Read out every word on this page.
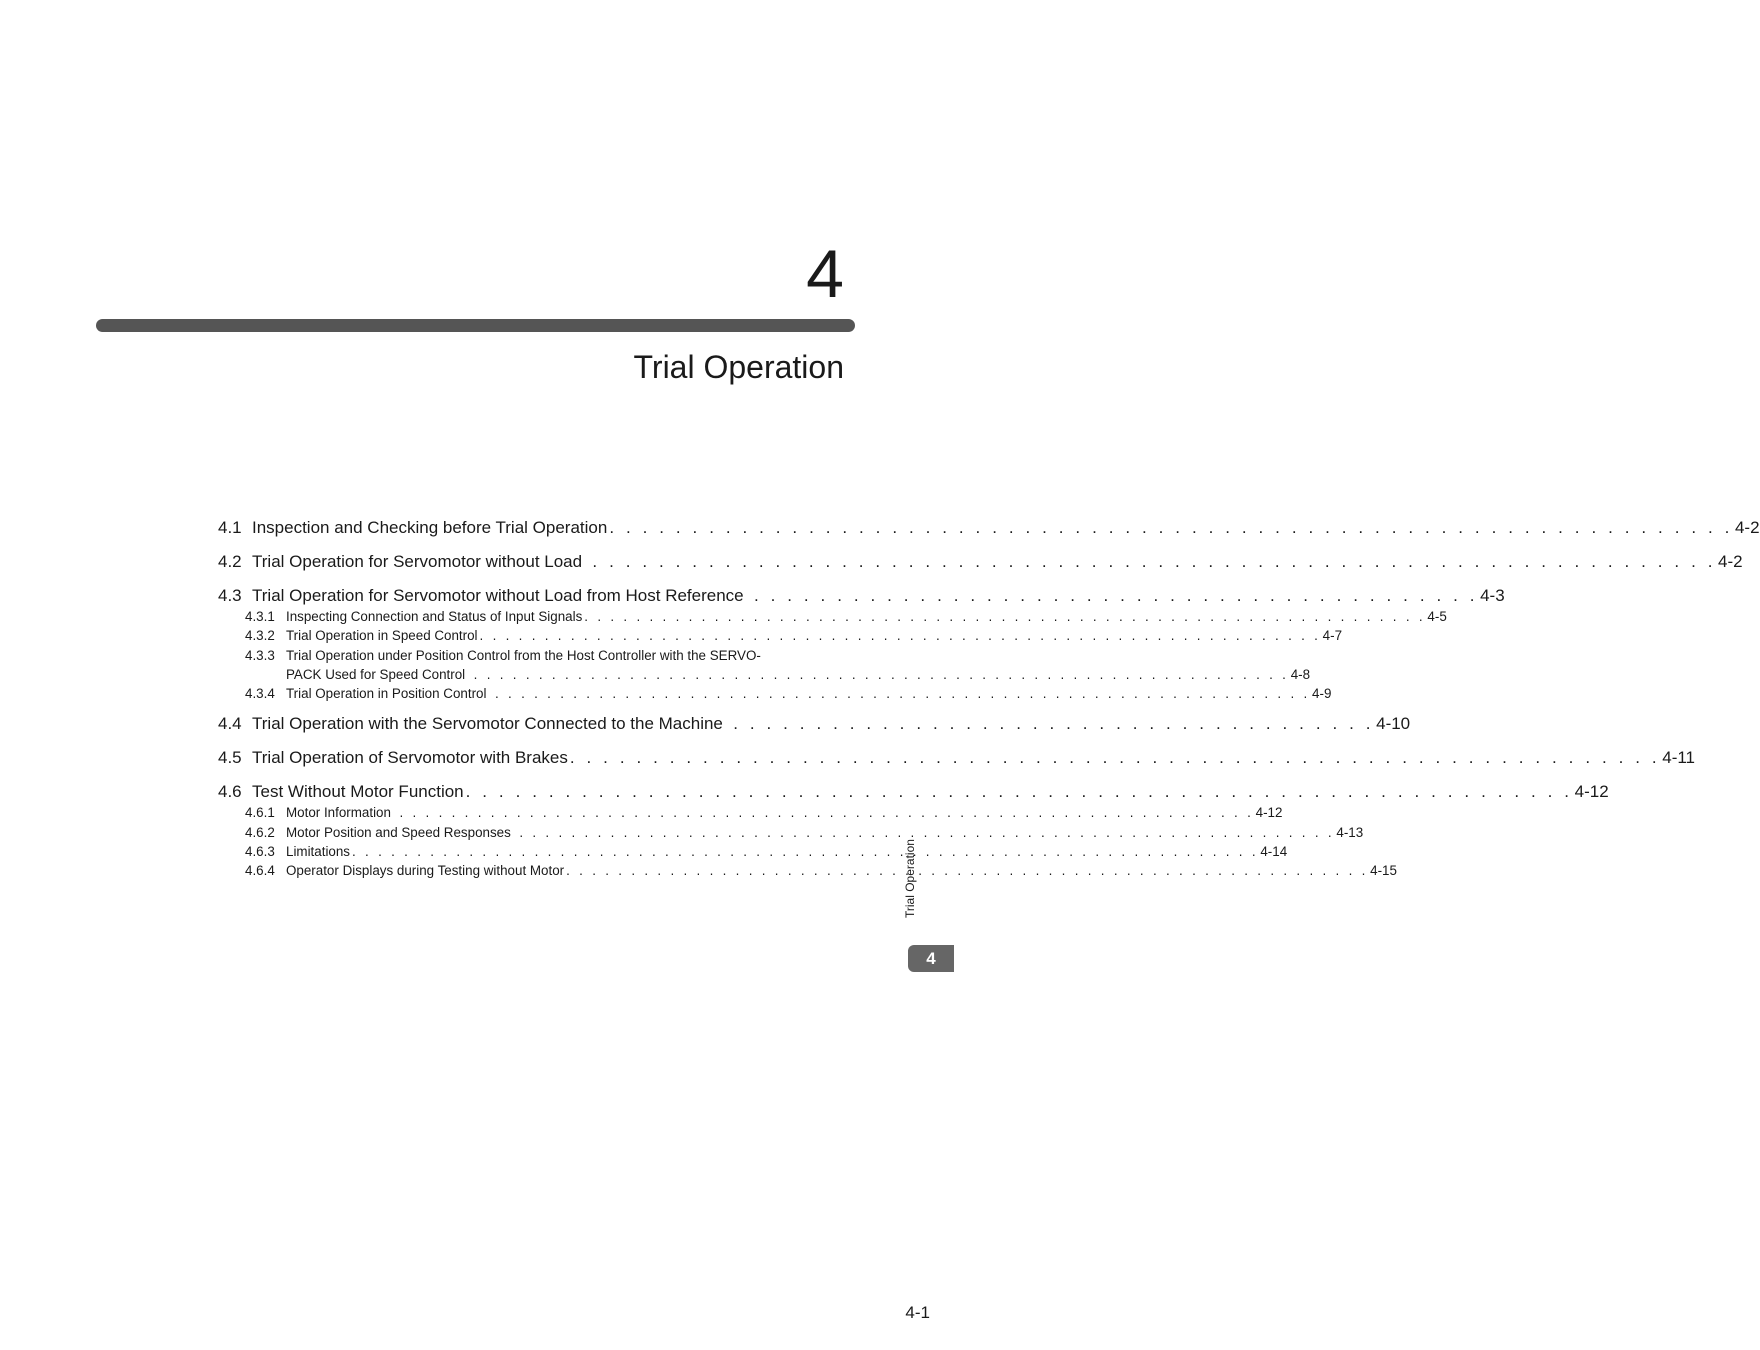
4
Trial Operation
4.1 Inspection and Checking before Trial Operation . . . . . . . . . . . . . . . . . . . . . . . . . . . . . . . . . . . . . . . . . . . . . . . . . . . . . . . . . . . . . . . . . . . . 4-2
4.2 Trial Operation for Servomotor without Load . . . . . . . . . . . . . . . . . . . . . . . . . . . . . . . . . . . . . . . . . . . . . . . . . . . . . . . . . . . . . . . . . . . . 4-2
4.3 Trial Operation for Servomotor without Load from Host Reference . . . . . . . . . . . . . . . . . . . . . . . . . . . . . . . . . . . . . . . . . . . . 4-3
4.3.1 Inspecting Connection and Status of Input Signals . . . . . . . . . . . . . . . . . . . . . . . . . . . . . . . . . . . . . . . . . . . . . . . . . . . . . . . . . . . . . . . . . 4-5
4.3.2 Trial Operation in Speed Control . . . . . . . . . . . . . . . . . . . . . . . . . . . . . . . . . . . . . . . . . . . . . . . . . . . . . . . . . . . . . . . . . 4-7
4.3.3 Trial Operation under Position Control from the Host Controller with the SERVO-
PACK Used for Speed Control . . . . . . . . . . . . . . . . . . . . . . . . . . . . . . . . . . . . . . . . . . . . . . . . . . . . . . . . . . . . . . . 4-8
4.3.4 Trial Operation in Position Control . . . . . . . . . . . . . . . . . . . . . . . . . . . . . . . . . . . . . . . . . . . . . . . . . . . . . . . . . . . . . . . 4-9
4.4 Trial Operation with the Servomotor Connected to the Machine . . . . . . . . . . . . . . . . . . . . . . . . . . . . . . . . . . . . . . . 4-10
4.5 Trial Operation of Servomotor with Brakes . . . . . . . . . . . . . . . . . . . . . . . . . . . . . . . . . . . . . . . . . . . . . . . . . . . . . . . . . . . . . . . . . . 4-11
4.6 Test Without Motor Function . . . . . . . . . . . . . . . . . . . . . . . . . . . . . . . . . . . . . . . . . . . . . . . . . . . . . . . . . . . . . . . . . . . 4-12
4.6.1 Motor Information . . . . . . . . . . . . . . . . . . . . . . . . . . . . . . . . . . . . . . . . . . . . . . . . . . . . . . . . . . . . . . . . . . 4-12
4.6.2 Motor Position and Speed Responses . . . . . . . . . . . . . . . . . . . . . . . . . . . . . . . . . . . . . . . . . . . . . . . . . . . . . . . . . . . . . . . 4-13
4.6.3 Limitations . . . . . . . . . . . . . . . . . . . . . . . . . . . . . . . . . . . . . . . . . . . . . . . . . . . . . . . . . . . . . . . . . . . . . . 4-14
4.6.4 Operator Displays during Testing without Motor . . . . . . . . . . . . . . . . . . . . . . . . . . . . . . . . . . . . . . . . . . . . . . . . . . . . . . . . . . . . . . 4-15
Trial Operation
4
4-1
